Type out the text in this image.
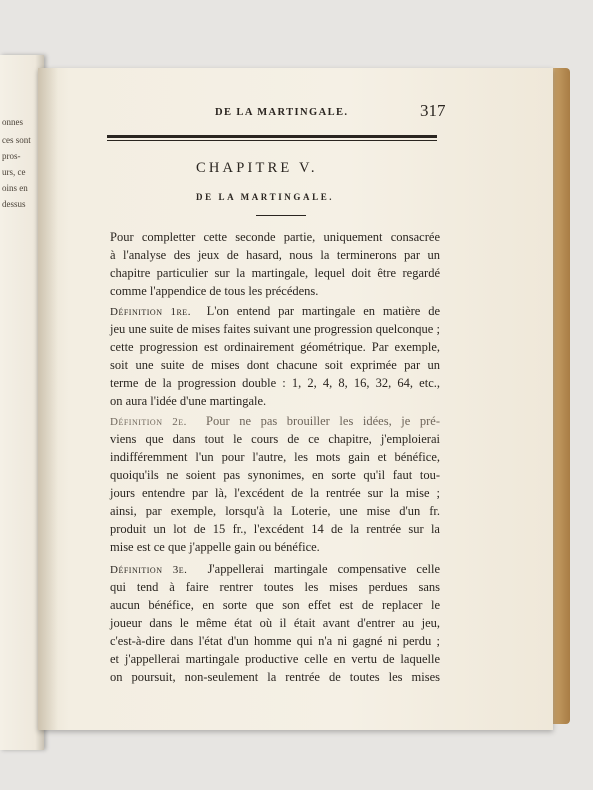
onnes
ces sont
pros-
urs, ce
oins en
dessus
DE LA MARTINGALE.	317
CHAPITRE V.
DE LA MARTINGALE.
Pour completter cette seconde partie, uniquement consacrée
à l'analyse des jeux de hasard, nous la terminerons par un
chapitre particulier sur la martingale, lequel doit être regardé
comme l'appendice de tous les précédens.
Définition 1re. L'on entend par martingale en matière de
jeu une suite de mises faites suivant une progression quelconque ;
cette progression est ordinairement géométrique. Par exemple,
soit une suite de mises dont chacune soit exprimée par un
terme de la progression double : 1, 2, 4, 8, 16, 32, 64, etc.,
on aura l'idée d'une martingale.
Définition 2e. Pour ne pas brouiller les idées, je pré-
viens que dans tout le cours de ce chapitre, j'emploierai
indifféremment l'un pour l'autre, les mots gain et bénéfice,
quoiqu'ils ne soient pas synonimes, en sorte qu'il faut tou-
jours entendre par là, l'excédent de la rentrée sur la mise ;
ainsi, par exemple, lorsqu'à la Loterie, une mise d'un fr.
produit un lot de 15 fr., l'excédent 14 de la rentrée sur la
mise est ce que j'appelle gain ou bénéfice.
Définition 3e. J'appellerai martingale compensative celle
qui tend à faire rentrer toutes les mises perdues sans
aucun bénéfice, en sorte que son effet est de replacer le
joueur dans le même état où il était avant d'entrer au jeu,
c'est-à-dire dans l'état d'un homme qui n'a ni gagné ni perdu ;
et j'appellerai martingale productive celle en vertu de laquelle
on poursuit, non-seulement la rentrée de toutes les mises
